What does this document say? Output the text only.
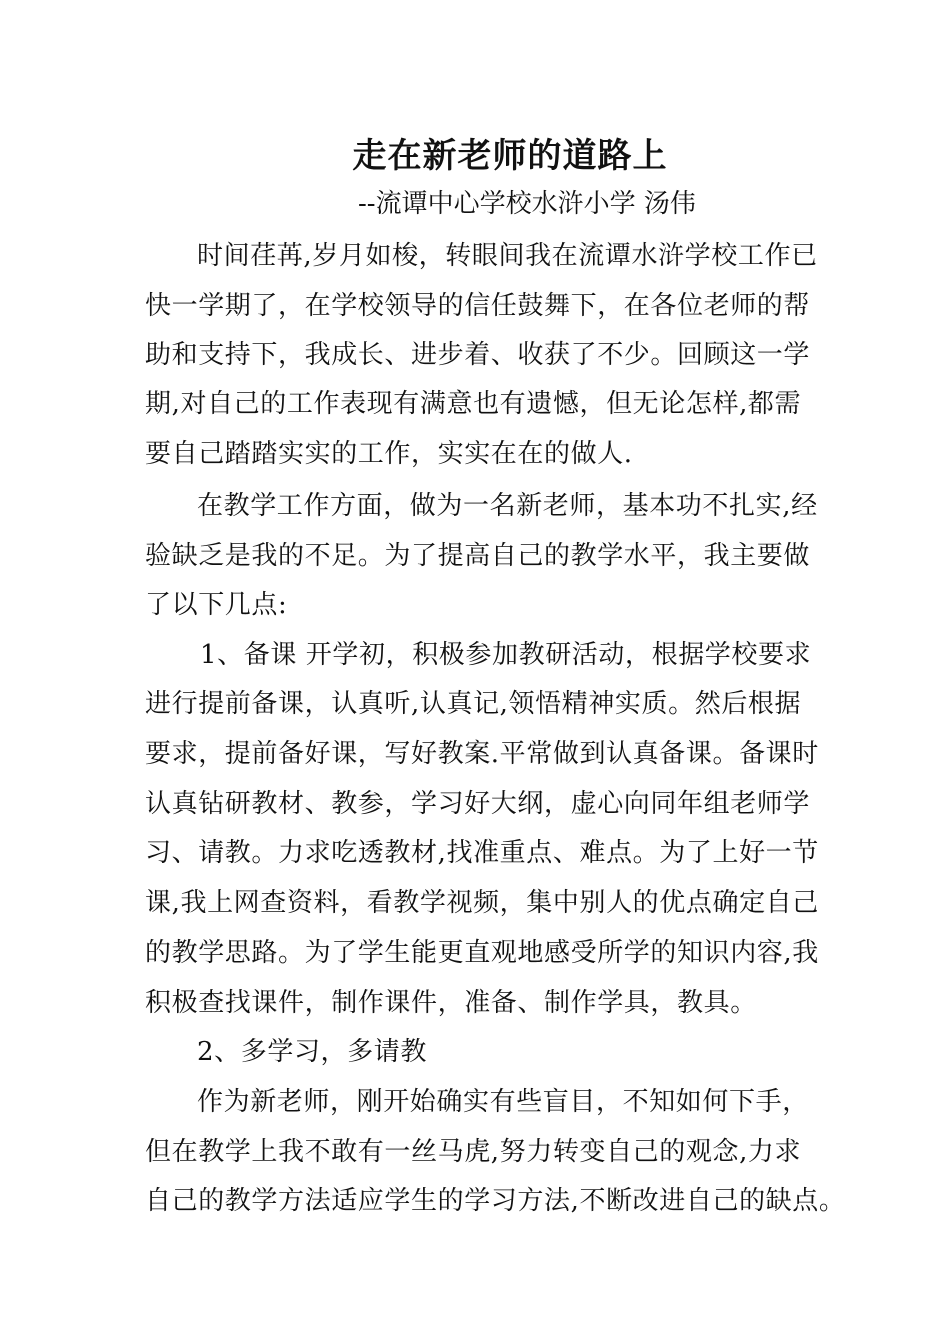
走在新老师的道路上
--流谭中心学校水浒小学 汤伟
时间荏苒,岁月如梭，转眼间我在流谭水浒学校工作已
快一学期了，在学校领导的信任鼓舞下，在各位老师的帮
助和支持下，我成长、进步着、收获了不少。回顾这一学
期,对自己的工作表现有满意也有遗憾，但无论怎样,都需
要自己踏踏实实的工作，实实在在的做人.
在教学工作方面，做为一名新老师，基本功不扎实,经
验缺乏是我的不足。为了提高自己的教学水平，我主要做
了以下几点:
1、备课 开学初，积极参加教研活动，根据学校要求
进行提前备课，认真听,认真记,领悟精神实质。然后根据
要求，提前备好课，写好教案.平常做到认真备课。备课时
认真钻研教材、教参，学习好大纲，虚心向同年组老师学
习、请教。力求吃透教材,找准重点、难点。为了上好一节
课,我上网查资料，看教学视频，集中别人的优点确定自己
的教学思路。为了学生能更直观地感受所学的知识内容,我
积极查找课件，制作课件，准备、制作学具，教具。
2、多学习，多请教
作为新老师，刚开始确实有些盲目，不知如何下手，
但在教学上我不敢有一丝马虎,努力转变自己的观念,力求
自己的教学方法适应学生的学习方法,不断改进自己的缺点。
